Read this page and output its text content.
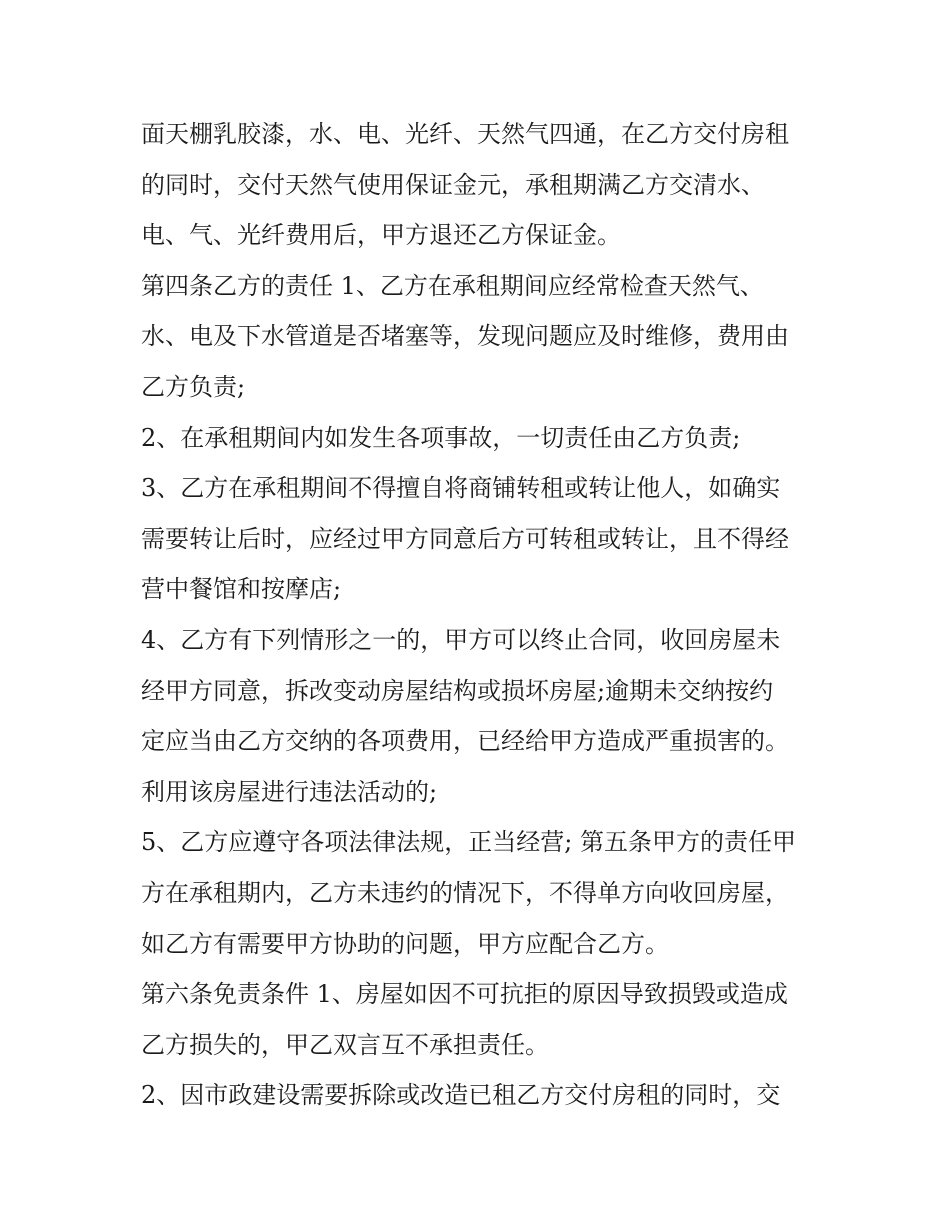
面天棚乳胶漆，水、电、光纤、天然气四通，在乙方交付房租
的同时，交付天然气使用保证金元，承租期满乙方交清水、
电、气、光纤费用后，甲方退还乙方保证金。
第四条乙方的责任 1、乙方在承租期间应经常检查天然气、
水、电及下水管道是否堵塞等，发现问题应及时维修，费用由
乙方负责;
2、在承租期间内如发生各项事故，一切责任由乙方负责;
3、乙方在承租期间不得擅自将商铺转租或转让他人，如确实
需要转让后时，应经过甲方同意后方可转租或转让，且不得经
营中餐馆和按摩店;
4、乙方有下列情形之一的，甲方可以终止合同，收回房屋未
经甲方同意，拆改变动房屋结构或损坏房屋;逾期未交纳按约
定应当由乙方交纳的各项费用，已经给甲方造成严重损害的。
利用该房屋进行违法活动的;
5、乙方应遵守各项法律法规，正当经营; 第五条甲方的责任甲
方在承租期内，乙方未违约的情况下，不得单方向收回房屋，
如乙方有需要甲方协助的问题，甲方应配合乙方。
第六条免责条件 1、房屋如因不可抗拒的原因导致损毁或造成
乙方损失的，甲乙双言互不承担责任。
2、因市政建设需要拆除或改造已租乙方交付房租的同时，交
